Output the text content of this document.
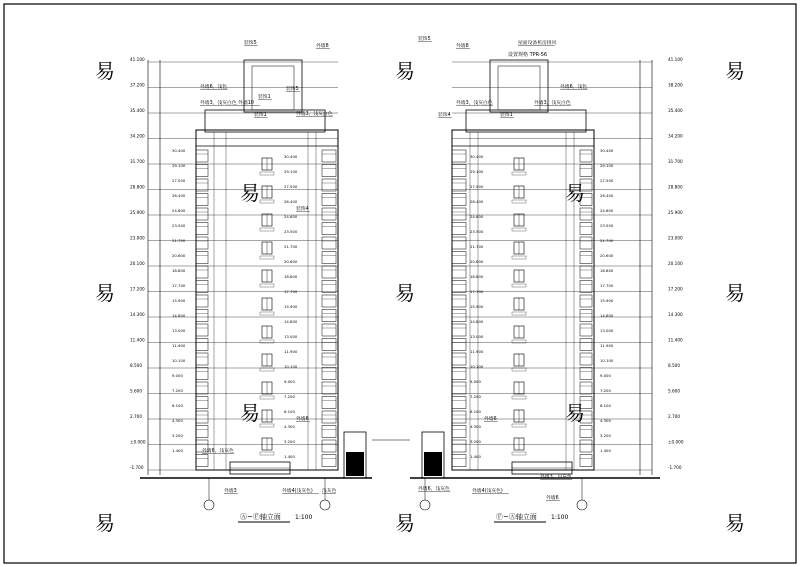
易	易	易
易	易	易
易	易	易
易	易
易	易
41.100
37.200
35.400
34.200
31.700
28.800
25.900
23.000
20.100
17.200
14.300
11.400
8.500
5.600
2.700
±0.000
-1.700
30.400
30.400
29.100
29.100
27.500
27.500
26.400
26.400
24.600
24.600
23.500
23.500
21.700
21.700
20.600
20.600
18.800
18.800
17.700
17.700
15.900
15.900
14.800
14.800
13.000
13.000
11.900
11.900
10.100
10.100
9.000
9.000
7.200
7.200
6.100
6.100
4.300
4.300
3.200
3.200
1.400
1.400
Ⓐ~Ⓕ轴立面 1:100
装饰5
外墙8
外墙6，浅色
外墙3，浅灰白色 外墙10
装饰5
外墙3，浅灰白色
装饰1
装饰1
装饰4
外墙6
外墙6，浅灰色
外墙3	外墙4(浅灰色) 浅灰色
41.100
38.200
35.400
34.200
31.700
28.800
25.900
23.000
20.100
17.200
14.300
11.400
8.500
5.600
2.700
±0.000
-1.700
30.400
30.400
29.100
29.100
27.500
27.500
26.400
26.400
24.600
24.600
23.500
23.500
21.700
21.700
20.600
20.600
18.800
18.800
17.700
17.700
15.900
15.900
14.800
14.800
13.000
13.000
11.900
11.900
10.100
10.100
9.000
9.000
7.200
7.200
6.100
6.100
4.300
4.300
3.200
3.200
1.400
1.400
Ⓕ~Ⓐ轴立面 1:100
设置规格 TPR-56
装饰5
外墙8
屋面设备机房排风
外墙6，浅色
外墙3，浅灰白色	外墙3，浅灰白色
装饰4	装饰1
外墙6
外墙6，浅灰色	外墙4(浅灰色)
外墙3，白灰色
外墙6
